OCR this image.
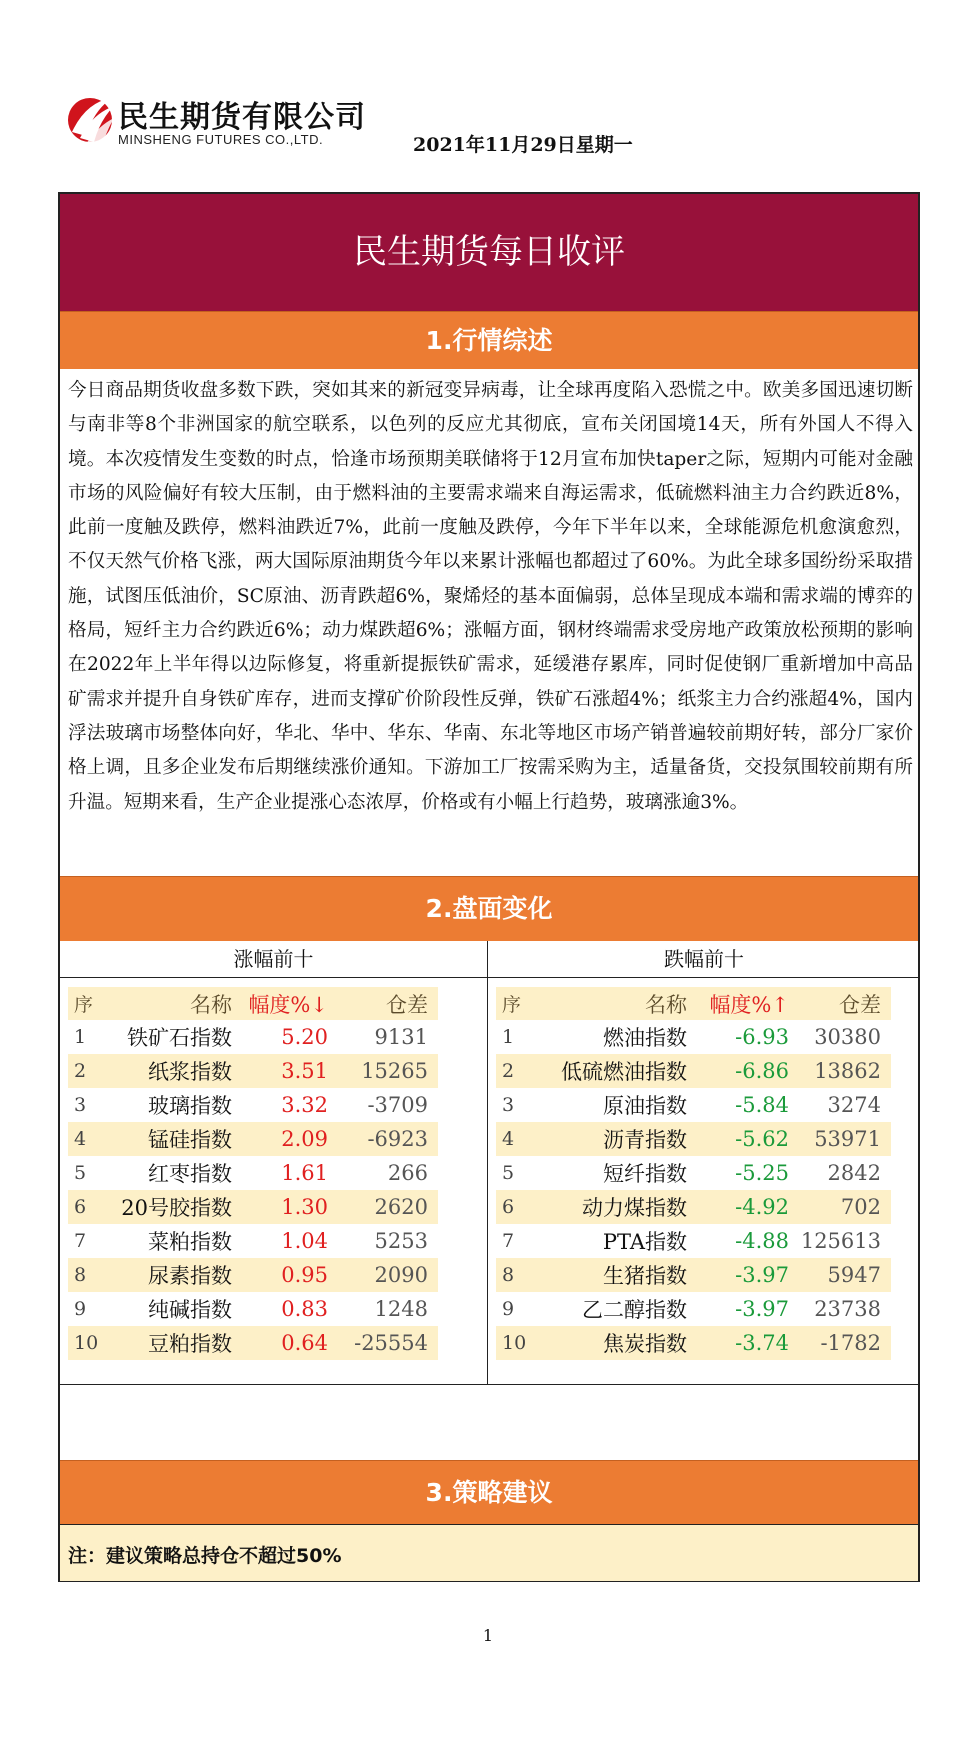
民生期货有限公司
MINSHENG FUTURES CO.,LTD.	2021年11月29日星期一
民生期货每日收评
1.行情综述
今日商品期货收盘多数下跌，突如其来的新冠变异病毒，让全球再度陷入恐慌之中。欧美多国迅速切断与南非等8个非洲国家的航空联系，以色列的反应尤其彻底，宣布关闭国境14天，所有外国人不得入境。本次疫情发生变数的时点，恰逢市场预期美联储将于12月宣布加快taper之际，短期内可能对金融市场的风险偏好有较大压制，由于燃料油的主要需求端来自海运需求，低硫燃料油主力合约跌近8%，此前一度触及跌停，燃料油跌近7%，此前一度触及跌停，今年下半年以来，全球能源危机愈演愈烈，不仅天然气价格飞涨，两大国际原油期货今年以来累计涨幅也都超过了60%。为此全球多国纷纷采取措施，试图压低油价，SC原油、沥青跌超6%，聚烯烃的基本面偏弱，总体呈现成本端和需求端的博弈的格局，短纤主力合约跌近6%；动力煤跌超6%；涨幅方面，钢材终端需求受房地产政策放松预期的影响在2022年上半年得以边际修复，将重新提振铁矿需求，延缓港存累库，同时促使钢厂重新增加中高品矿需求并提升自身铁矿库存，进而支撑矿价阶段性反弹，铁矿石涨超4%；纸浆主力合约涨超4%，国内浮法玻璃市场整体向好，华北、华中、华东、华南、东北等地区市场产销普遍较前期好转，部分厂家价格上调，且多企业发布后期继续涨价通知。下游加工厂按需采购为主，适量备货，交投氛围较前期有所升温。短期来看，生产企业提涨心态浓厚，价格或有小幅上行趋势，玻璃涨逾3%。
2.盘面变化
涨幅前十
序	名称	幅度%↓	仓差
1	铁矿石指数	5.20	9131
2	纸浆指数	3.51	15265
3	玻璃指数	3.32	-3709
4	锰硅指数	2.09	-6923
5	红枣指数	1.61	266
6	20号胶指数	1.30	2620
7	菜粕指数	1.04	5253
8	尿素指数	0.95	2090
9	纯碱指数	0.83	1248
10	豆粕指数	0.64	-25554
跌幅前十
序	名称	幅度%↑	仓差
1	燃油指数	-6.93	30380
2	低硫燃油指数	-6.86	13862
3	原油指数	-5.84	3274
4	沥青指数	-5.62	53971
5	短纤指数	-5.25	2842
6	动力煤指数	-4.92	702
7	PTA指数	-4.88	125613
8	生猪指数	-3.97	5947
9	乙二醇指数	-3.97	23738
10	焦炭指数	-3.74	-1782
3.策略建议
注：建议策略总持仓不超过50%
1
